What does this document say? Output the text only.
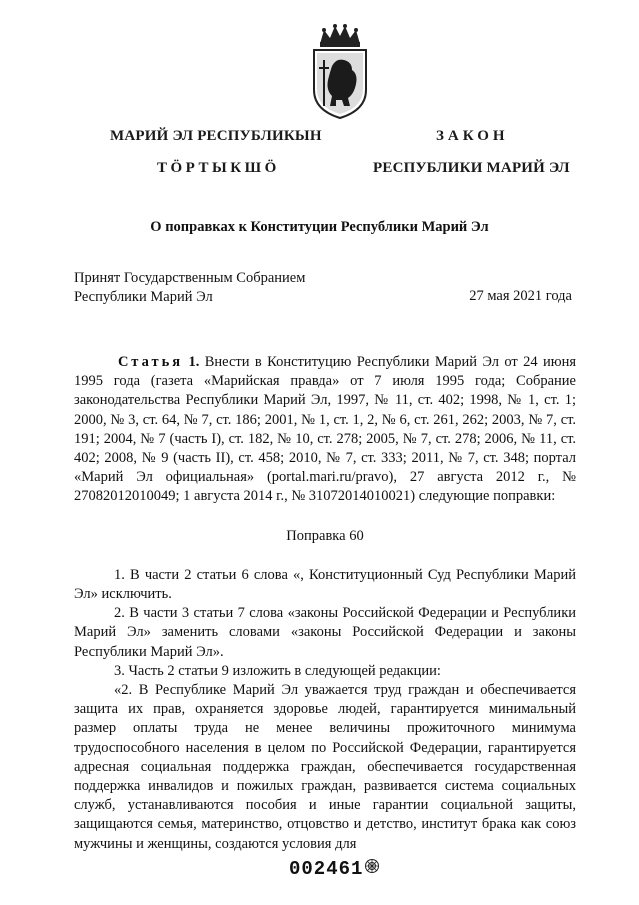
МАРИЙ ЭЛ РЕСПУБЛИКЫН
ТӦРТЫКШӦ
ЗАКОН
РЕСПУБЛИКИ МАРИЙ ЭЛ
О поправках к Конституции Республики Марий Эл
Принят Государственным Собранием
Республики Марий Эл	27 мая 2021 года

Статья 1. Внести в Конституцию Республики Марий Эл от 24 июня 1995 года (газета «Марийская правда» от 7 июля 1995 года; Собрание законодательства Республики Марий Эл, 1997, № 11, ст. 402; 1998, № 1, ст. 1; 2000, № 3, ст. 64, № 7, ст. 186; 2001, № 1, ст. 1, 2, № 6, ст. 261, 262; 2003, № 7, ст. 191; 2004, № 7 (часть I), ст. 182, № 10, ст. 278; 2005, № 7, ст. 278; 2006, № 11, ст. 402; 2008, № 9 (часть II), ст. 458; 2010, № 7, ст. 333; 2011, № 7, ст. 348; портал «Марий Эл официальная» (portal.mari.ru/pravo), 27 августа 2012 г., № 27082012010049; 1 августа 2014 г., № 31072014010021) следующие поправки:

Поправка 60

1. В части 2 статьи 6 слова «, Конституционный Суд Республики Марий Эл» исключить.

2. В части 3 статьи 7 слова «законы Российской Федерации и Республики Марий Эл» заменить словами «законы Российской Федерации и законы Республики Марий Эл».

3. Часть 2 статьи 9 изложить в следующей редакции:

«2. В Республике Марий Эл уважается труд граждан и обеспечивается защита их прав, охраняется здоровье людей, гарантируется минимальный размер оплаты труда не менее величины прожиточного минимума трудоспособного населения в целом по Российской Федерации, гарантируется адресная социальная поддержка граждан, обеспечивается государственная поддержка инвалидов и пожилых граждан, развивается система социальных служб, устанавливаются пособия и иные гарантии социальной защиты, защищаются семья, материнство, отцовство и детство, институт брака как союз мужчины и женщины, создаются условия для

002461
